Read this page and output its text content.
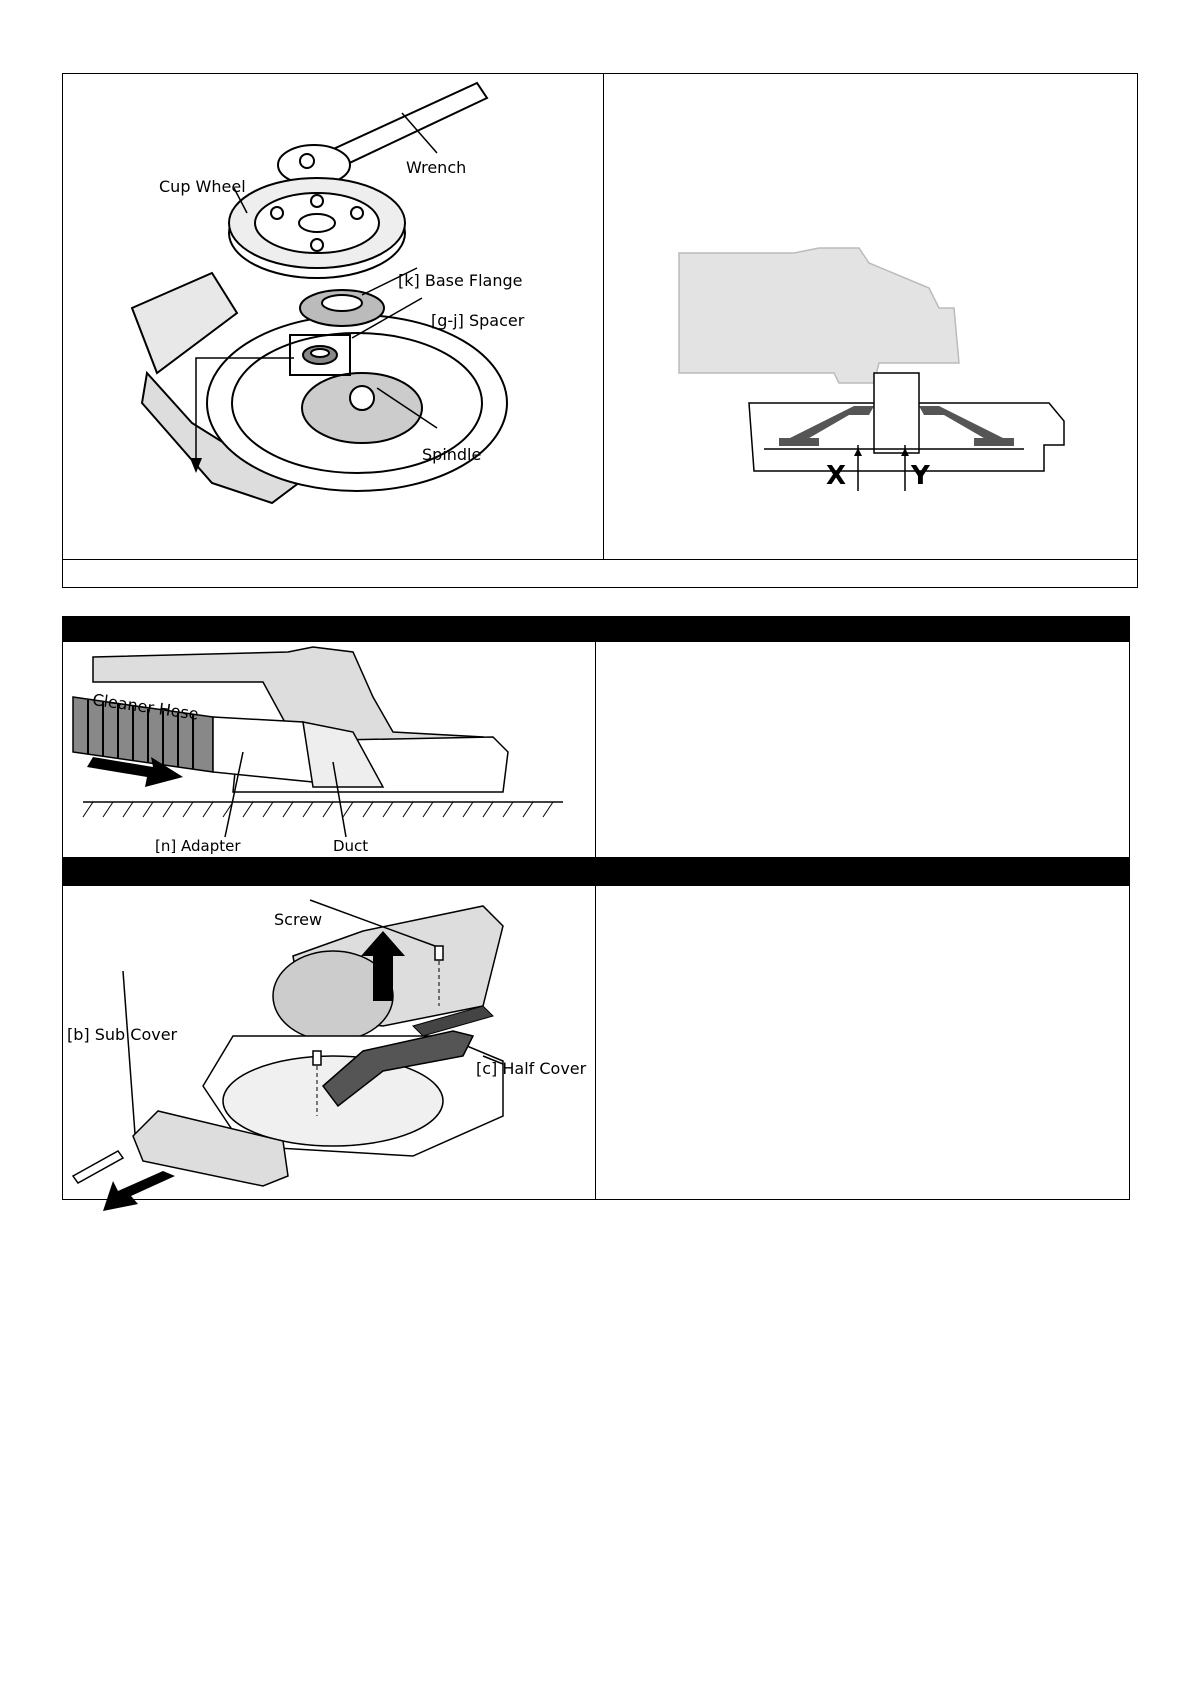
Wrench
Cup Wheel
[k] Base Flange
[g-j] Spacer
Spindle
X Y
Cleaner Hose
[n] Adapter	Duct
Screw
[b] Sub Cover
[c] Half Cover
